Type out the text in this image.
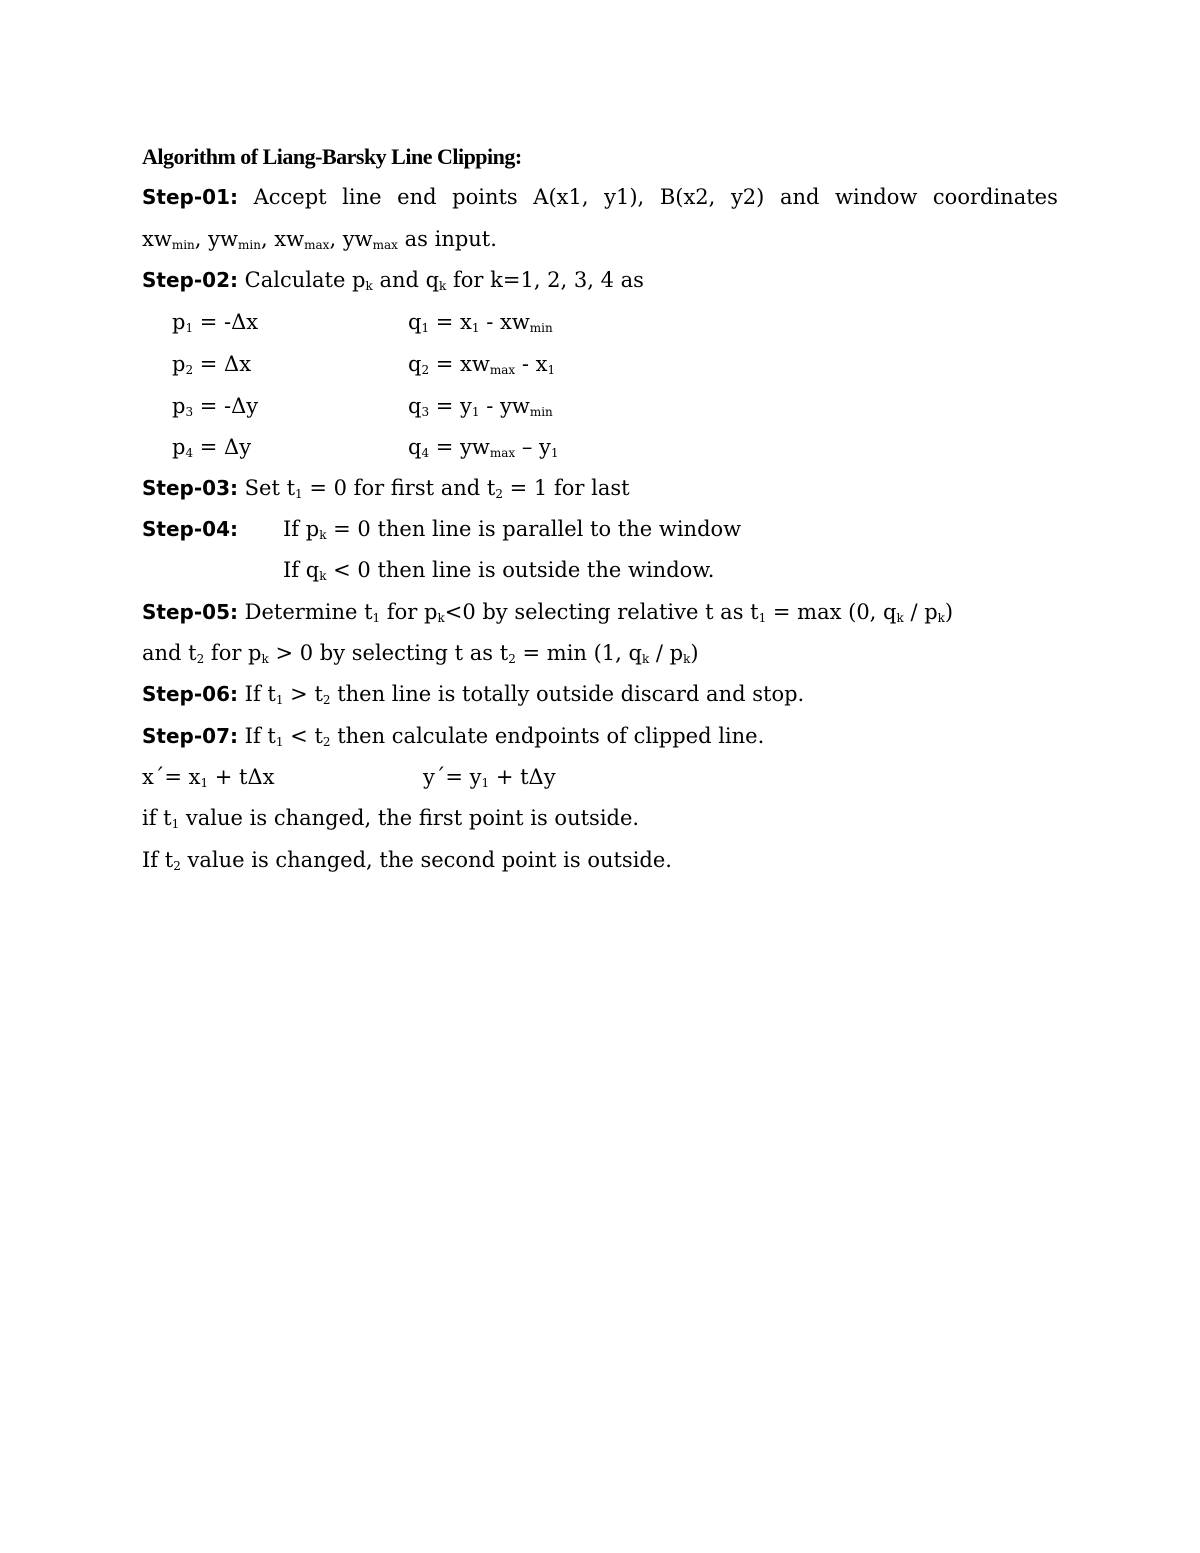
Algorithm of Liang-Barsky Line Clipping:
Step-01: Accept line end points A(x1, y1), B(x2, y2) and window coordinates
$xw_{min}$, $yw_{min}$, $xw_{max}$, $yw_{max}$ as input.
Step-02: Calculate $p_k$ and $q_k$ for k=1, 2, 3, 4 as
$p_1 = -\Delta x$	$q_1 = x_1 - xw_{min}$
$p_2 = \Delta x$	$q_2 = xw_{max} - x_1$
$p_3 = -\Delta y$	$q_3 = y_1 - yw_{min}$
$p_4 = \Delta y$	$q_4 = yw_{max} - y_1$
Step-03: Set $t_1 = 0$ for first and $t_2 = 1$ for last
Step-04: If $p_k = 0$ then line is parallel to the window
If $q_k < 0$ then line is outside the window.
Step-05: Determine $t_1$ for $p_k<0$ by selecting relative t as $t_1 = \max (0$, $q_k / p_k$)
and $t_2$ for $p_k > 0$ by selecting t as $t_2 = \min (1$, $q_k / p_k$)
Step-06: If $t_1 > t_2$ then line is totally outside discard and stop.
Step-07: If $t_1 < t_2$ then calculate endpoints of clipped line.
$x΄= x_1 + t\Delta x$	$y΄= y_1 + t\Delta y$
if $t_1$ value is changed, the first point is outside.
If $t_2$ value is changed, the second point is outside.
